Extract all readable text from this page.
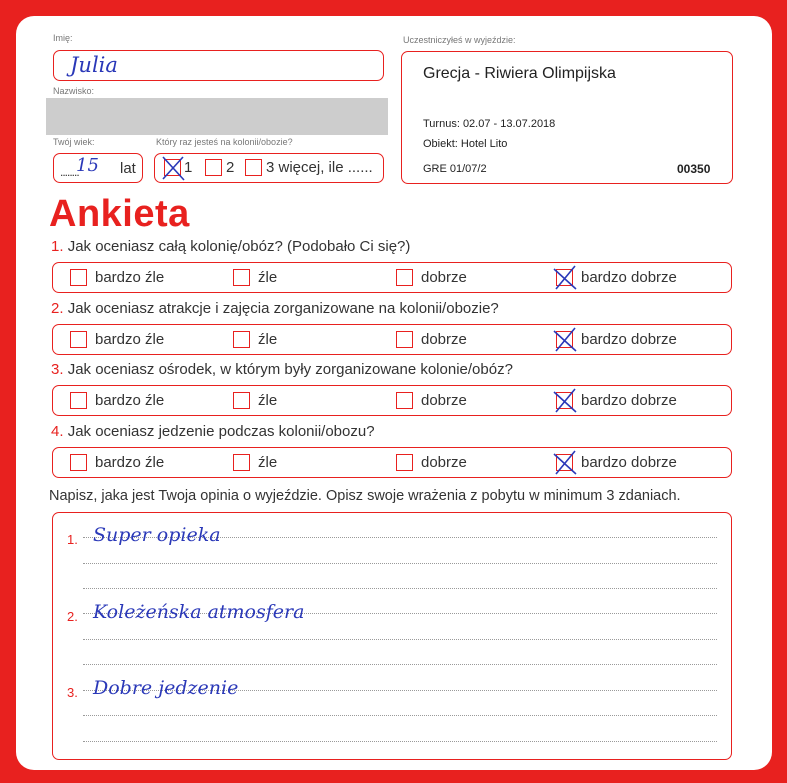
Imię:
Julia
Nazwisko:
Twój wiek:
........
15 lat
Który raz jesteś na kolonii/obozie?
1 2 3 więcej, ile ......
Uczestniczyłeś w wyjeździe:
Grecja - Riwiera Olimpijska
Turnus: 02.07 - 13.07.2018
Obiekt: Hotel Lito
GRE 01/07/2	00350
Ankieta
1. Jak oceniasz całą kolonię/obóz? (Podobało Ci się?)
bardzo źle	źle	dobrze	bardzo dobrze
2. Jak oceniasz atrakcje i zajęcia zorganizowane na kolonii/obozie?
bardzo źle	źle	dobrze	bardzo dobrze
3. Jak oceniasz ośrodek, w którym były zorganizowane kolonie/obóz?
bardzo źle	źle	dobrze	bardzo dobrze
4. Jak oceniasz jedzenie podczas kolonii/obozu?
bardzo źle	źle	dobrze	bardzo dobrze
Napisz, jaka jest Twoja opinia o wyjeździe. Opisz swoje wrażenia z pobytu w minimum 3 zdaniach.
1. Super opieka
2. Koleżeńska atmosfera
3. Dobre jedzenie
